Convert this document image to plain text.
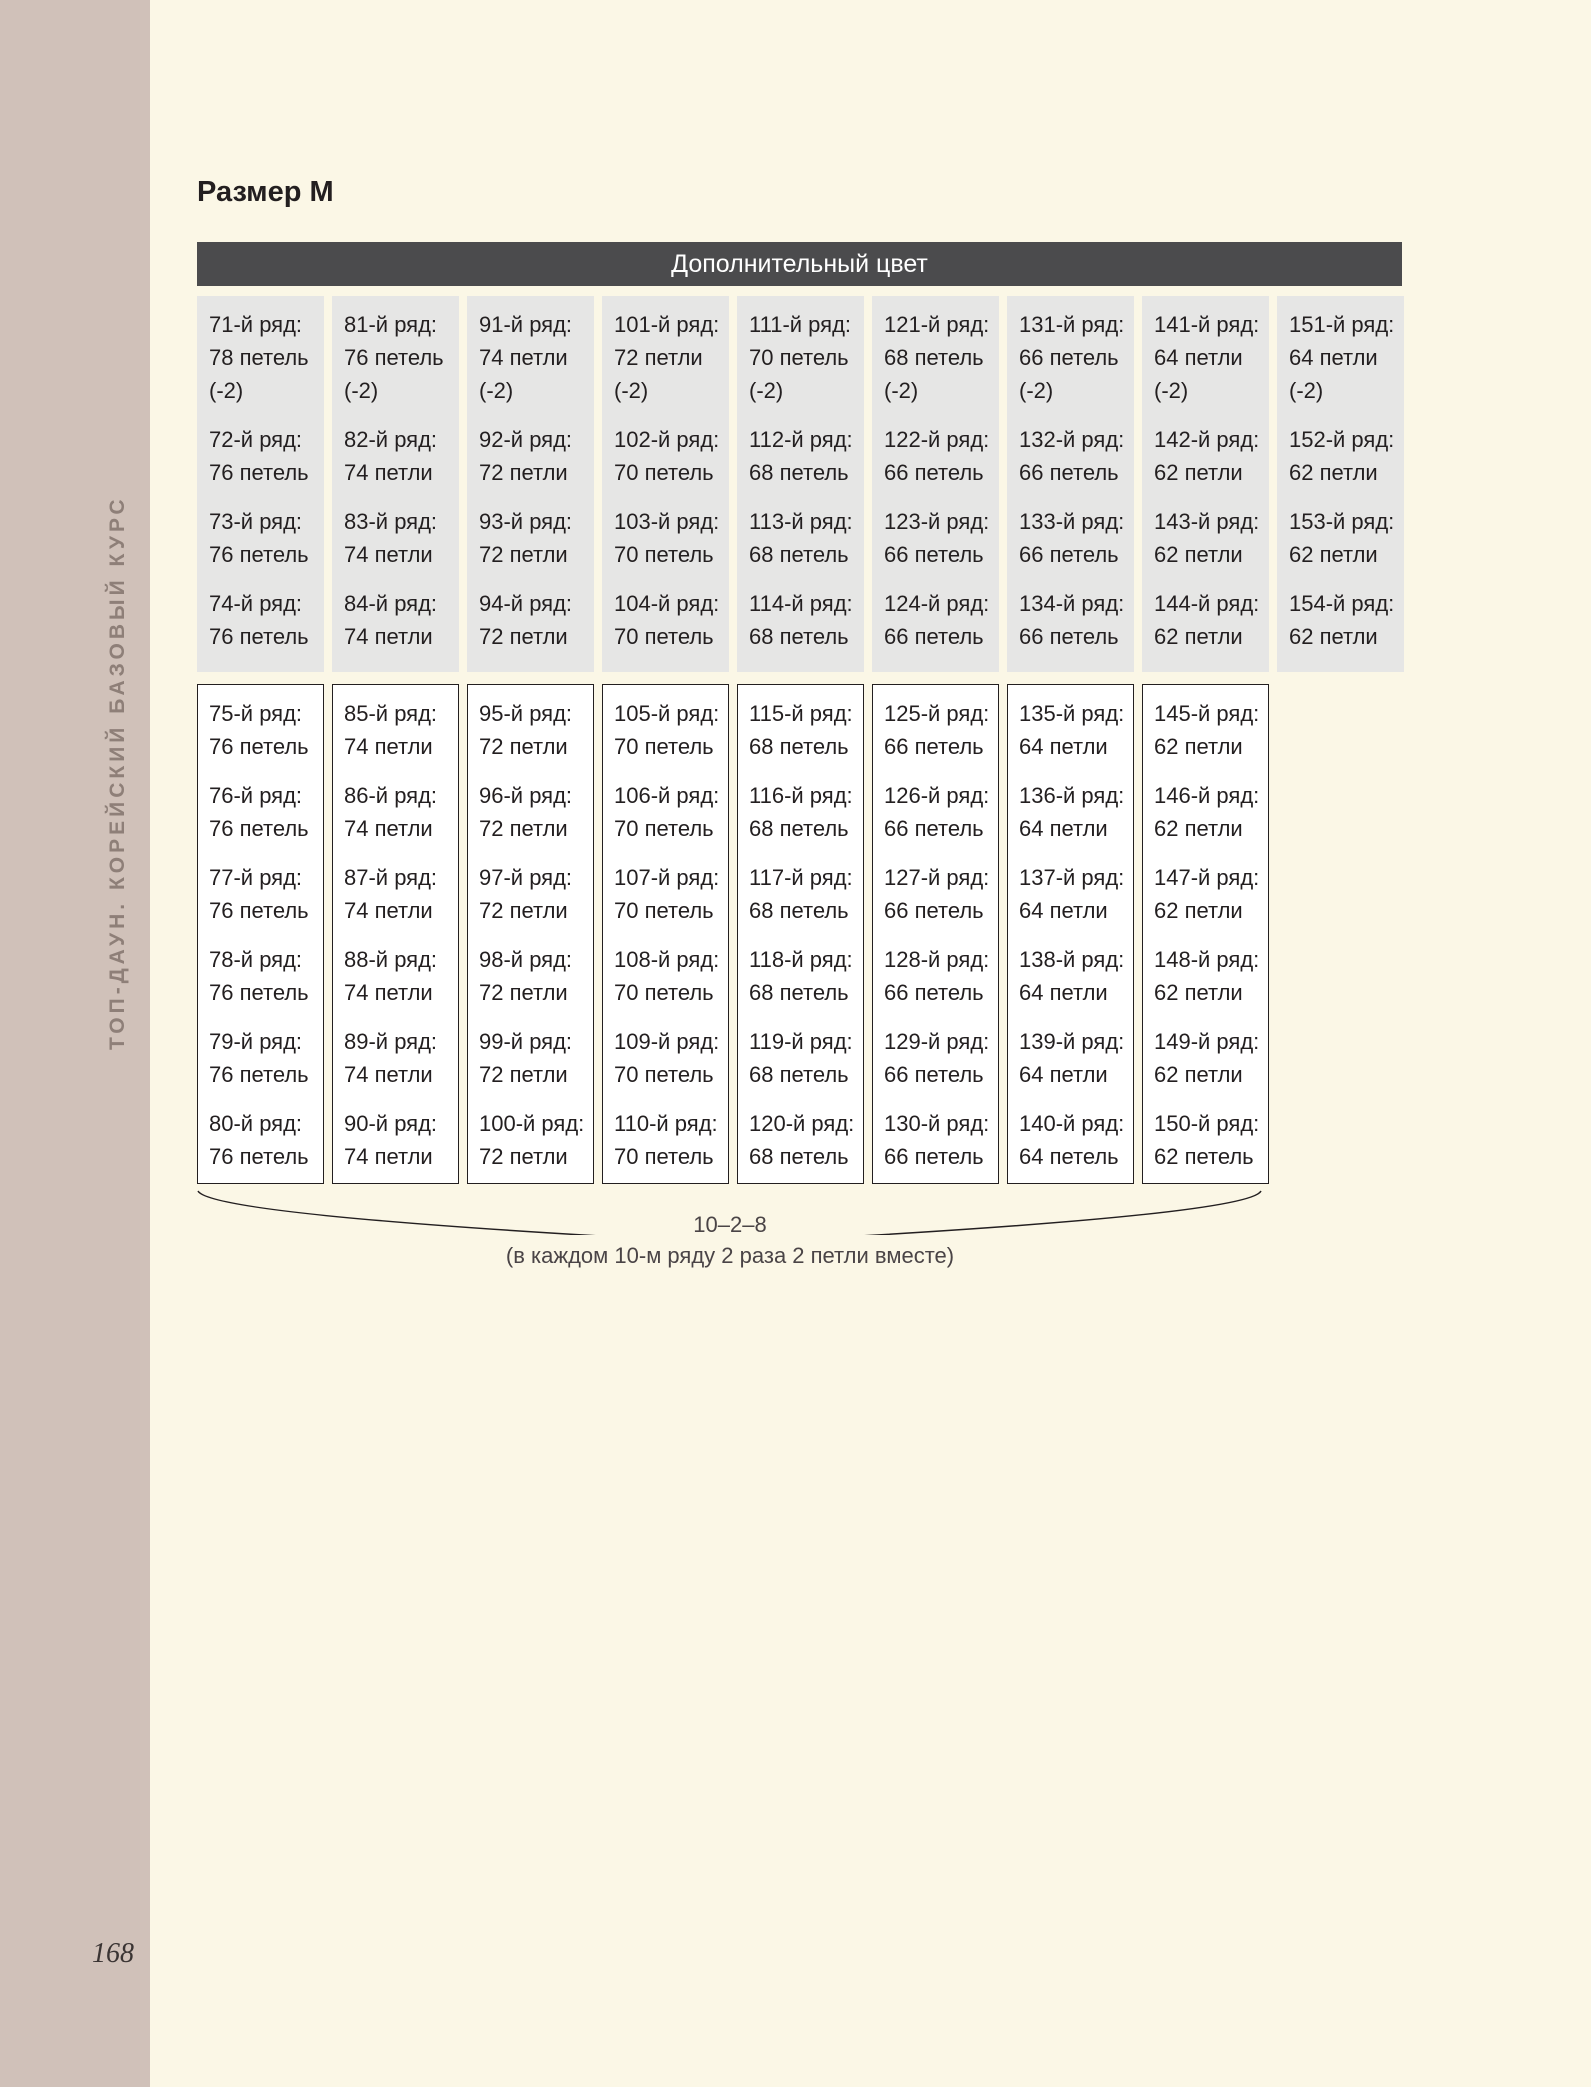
ТОП-ДАУН. КОРЕЙСКИЙ БАЗОВЫЙ КУРС
168
Размер М
Дополнительный цвет
71-й ряд:
78 петель
(-2)
72-й ряд:
76 петель
73-й ряд:
76 петель
74-й ряд:
76 петель
81-й ряд:
76 петель
(-2)
82-й ряд:
74 петли
83-й ряд:
74 петли
84-й ряд:
74 петли
91-й ряд:
74 петли
(-2)
92-й ряд:
72 петли
93-й ряд:
72 петли
94-й ряд:
72 петли
101-й ряд:
72 петли
(-2)
102-й ряд:
70 петель
103-й ряд:
70 петель
104-й ряд:
70 петель
111-й ряд:
70 петель
(-2)
112-й ряд:
68 петель
113-й ряд:
68 петель
114-й ряд:
68 петель
121-й ряд:
68 петель
(-2)
122-й ряд:
66 петель
123-й ряд:
66 петель
124-й ряд:
66 петель
131-й ряд:
66 петель
(-2)
132-й ряд:
66 петель
133-й ряд:
66 петель
134-й ряд:
66 петель
141-й ряд:
64 петли
(-2)
142-й ряд:
62 петли
143-й ряд:
62 петли
144-й ряд:
62 петли
151-й ряд:
64 петли
(-2)
152-й ряд:
62 петли
153-й ряд:
62 петли
154-й ряд:
62 петли
75-й ряд:
76 петель
76-й ряд:
76 петель
77-й ряд:
76 петель
78-й ряд:
76 петель
79-й ряд:
76 петель
80-й ряд:
76 петель
85-й ряд:
74 петли
86-й ряд:
74 петли
87-й ряд:
74 петли
88-й ряд:
74 петли
89-й ряд:
74 петли
90-й ряд:
74 петли
95-й ряд:
72 петли
96-й ряд:
72 петли
97-й ряд:
72 петли
98-й ряд:
72 петли
99-й ряд:
72 петли
100-й ряд:
72 петли
105-й ряд:
70 петель
106-й ряд:
70 петель
107-й ряд:
70 петель
108-й ряд:
70 петель
109-й ряд:
70 петель
110-й ряд:
70 петель
115-й ряд:
68 петель
116-й ряд:
68 петель
117-й ряд:
68 петель
118-й ряд:
68 петель
119-й ряд:
68 петель
120-й ряд:
68 петель
125-й ряд:
66 петель
126-й ряд:
66 петель
127-й ряд:
66 петель
128-й ряд:
66 петель
129-й ряд:
66 петель
130-й ряд:
66 петель
135-й ряд:
64 петли
136-й ряд:
64 петли
137-й ряд:
64 петли
138-й ряд:
64 петли
139-й ряд:
64 петли
140-й ряд:
64 петель
145-й ряд:
62 петли
146-й ряд:
62 петли
147-й ряд:
62 петли
148-й ряд:
62 петли
149-й ряд:
62 петли
150-й ряд:
62 петель
10–2–8
(в каждом 10-м ряду 2 раза 2 петли вместе)
